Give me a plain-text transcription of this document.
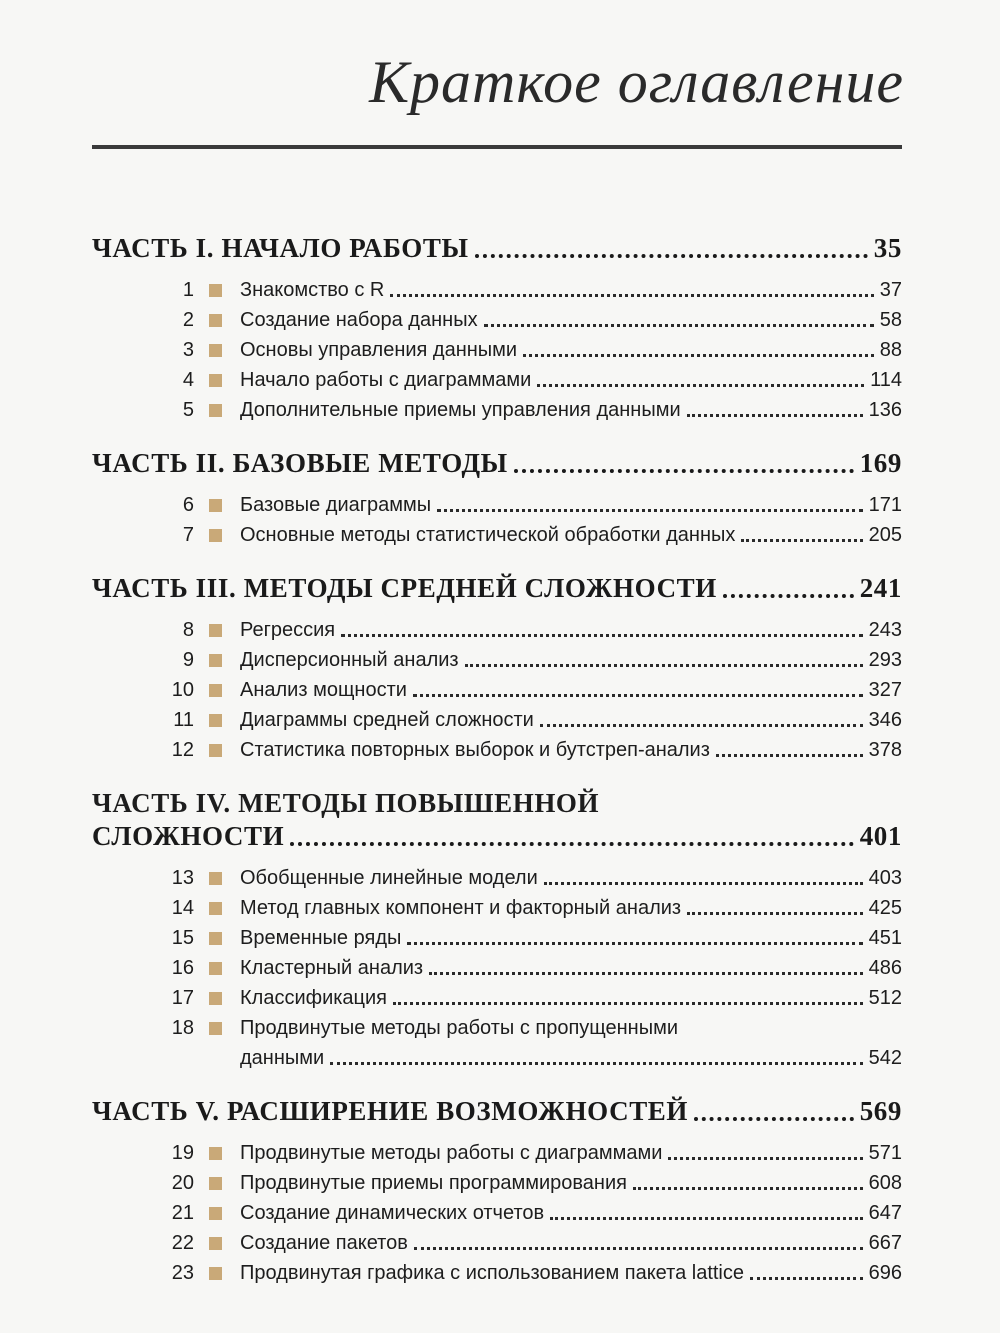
Краткое оглавление
ЧАСТЬ I. НАЧАЛО РАБОТЫ	35
1 Знакомство с R	37
2 Создание набора данных	58
3 Основы управления данными	88
4 Начало работы с диаграммами	114
5 Дополнительные приемы управления данными	136
ЧАСТЬ II. БАЗОВЫЕ МЕТОДЫ	169
6 Базовые диаграммы	171
7 Основные методы статистической обработки данных	205
ЧАСТЬ III. МЕТОДЫ СРЕДНЕЙ СЛОЖНОСТИ	241
8 Регрессия	243
9 Дисперсионный анализ	293
10 Анализ мощности	327
11 Диаграммы средней сложности	346
12 Статистика повторных выборок и бутстреп-анализ	378
ЧАСТЬ IV. МЕТОДЫ ПОВЫШЕННОЙ
СЛОЖНОСТИ	401
13 Обобщенные линейные модели	403
14 Метод главных компонент и факторный анализ	425
15 Временные ряды	451
16 Кластерный анализ	486
17 Классификация	512
18 Продвинутые методы работы с пропущенными
данными	542
ЧАСТЬ V. РАСШИРЕНИЕ ВОЗМОЖНОСТЕЙ	569
19 Продвинутые методы работы с диаграммами	571
20 Продвинутые приемы программирования	608
21 Создание динамических отчетов	647
22 Создание пакетов	667
23 Продвинутая графика с использованием пакета lattice	696
